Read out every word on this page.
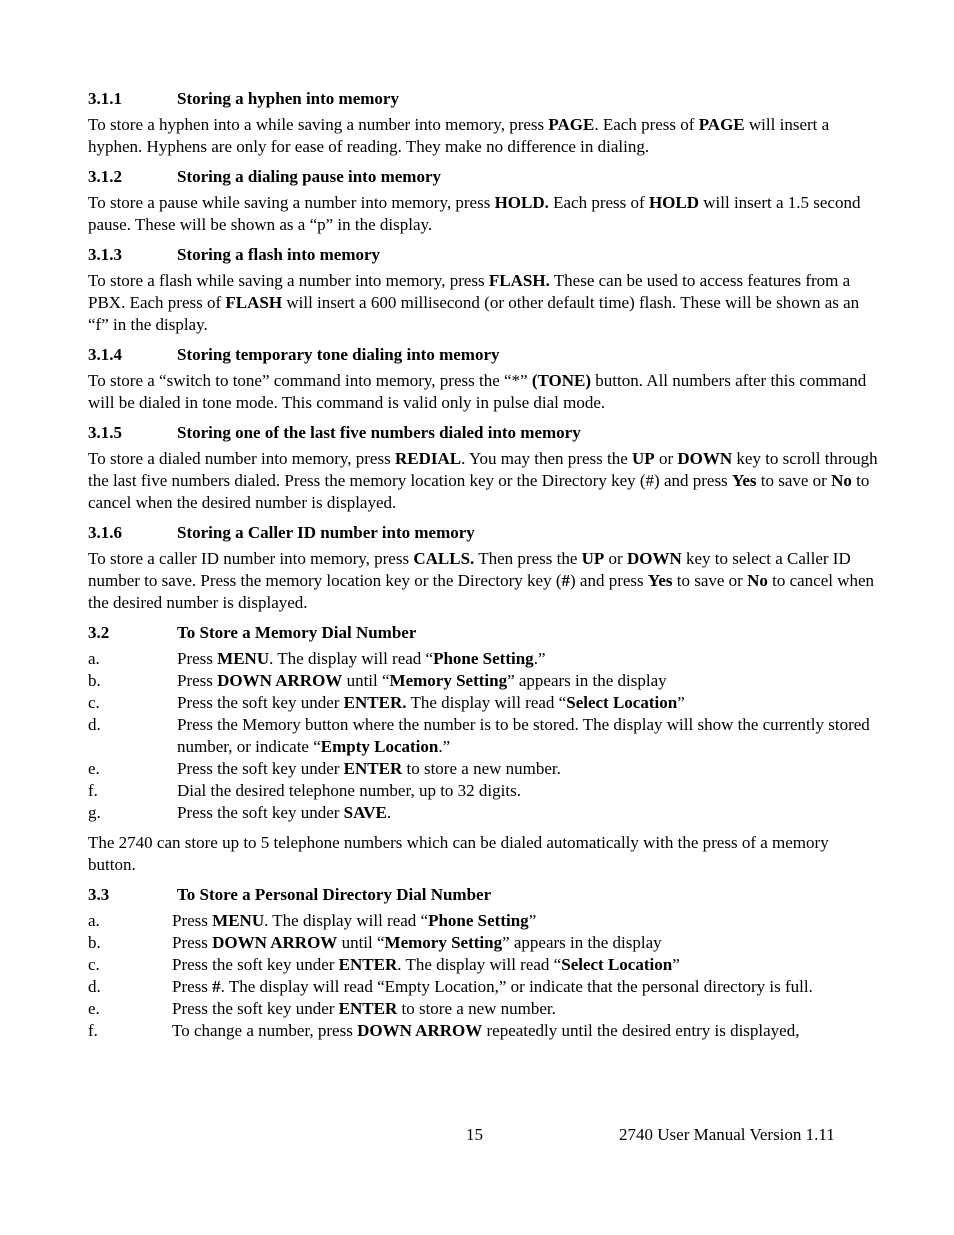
3.1.1	Storing a hyphen into memory
To store a hyphen into a while saving a number into memory, press PAGE. Each press of PAGE will insert a hyphen. Hyphens are only for ease of reading. They make no difference in dialing.
3.1.2	Storing a dialing pause into memory
To store a pause while saving a number into memory, press HOLD. Each press of HOLD will insert a 1.5 second pause. These will be shown as a “p” in the display.
3.1.3	Storing a flash into memory
To store a flash while saving a number into memory, press FLASH. These can be used to access features from a PBX. Each press of FLASH will insert a 600 millisecond (or other default time) flash. These will be shown as an “f” in the display.
3.1.4	Storing temporary tone dialing into memory
To store a “switch to tone” command into memory, press the “*” (TONE) button. All numbers after this command will be dialed in tone mode. This command is valid only in pulse dial mode.
3.1.5	Storing one of the last five numbers dialed into memory
To store a dialed number into memory, press REDIAL. You may then press the UP or DOWN key to scroll through the last five numbers dialed. Press the memory location key or the Directory key (#) and press Yes to save or No to cancel when the desired number is displayed.
3.1.6	Storing a Caller ID number into memory
To store a caller ID number into memory, press CALLS. Then press the UP or DOWN key to select a Caller ID number to save. Press the memory location key or the Directory key (#) and press Yes to save or No to cancel when the desired number is displayed.
3.2	To Store a Memory Dial Number
a.	Press MENU. The display will read “Phone Setting.”
b.	Press DOWN ARROW until “Memory Setting” appears in the display
c.	Press the soft key under ENTER. The display will read “Select Location”
d.	Press the Memory button where the number is to be stored. The display will show the currently stored number, or indicate “Empty Location.”
e.	Press the soft key under ENTER to store a new number.
f.	Dial the desired telephone number, up to 32 digits.
g.	Press the soft key under SAVE.
The 2740 can store up to 5 telephone numbers which can be dialed automatically with the press of a memory button.
3.3	To Store a Personal Directory Dial Number
a.	Press MENU. The display will read “Phone Setting”
b.	Press DOWN ARROW until “Memory Setting” appears in the display
c.	Press the soft key under ENTER. The display will read “Select Location”
d.	Press #. The display will read “Empty Location,” or indicate that the personal directory is full.
e.	Press the soft key under ENTER to store a new number.
f.	To change a number, press DOWN ARROW repeatedly until the desired entry is displayed,
15	2740 User Manual Version 1.11
